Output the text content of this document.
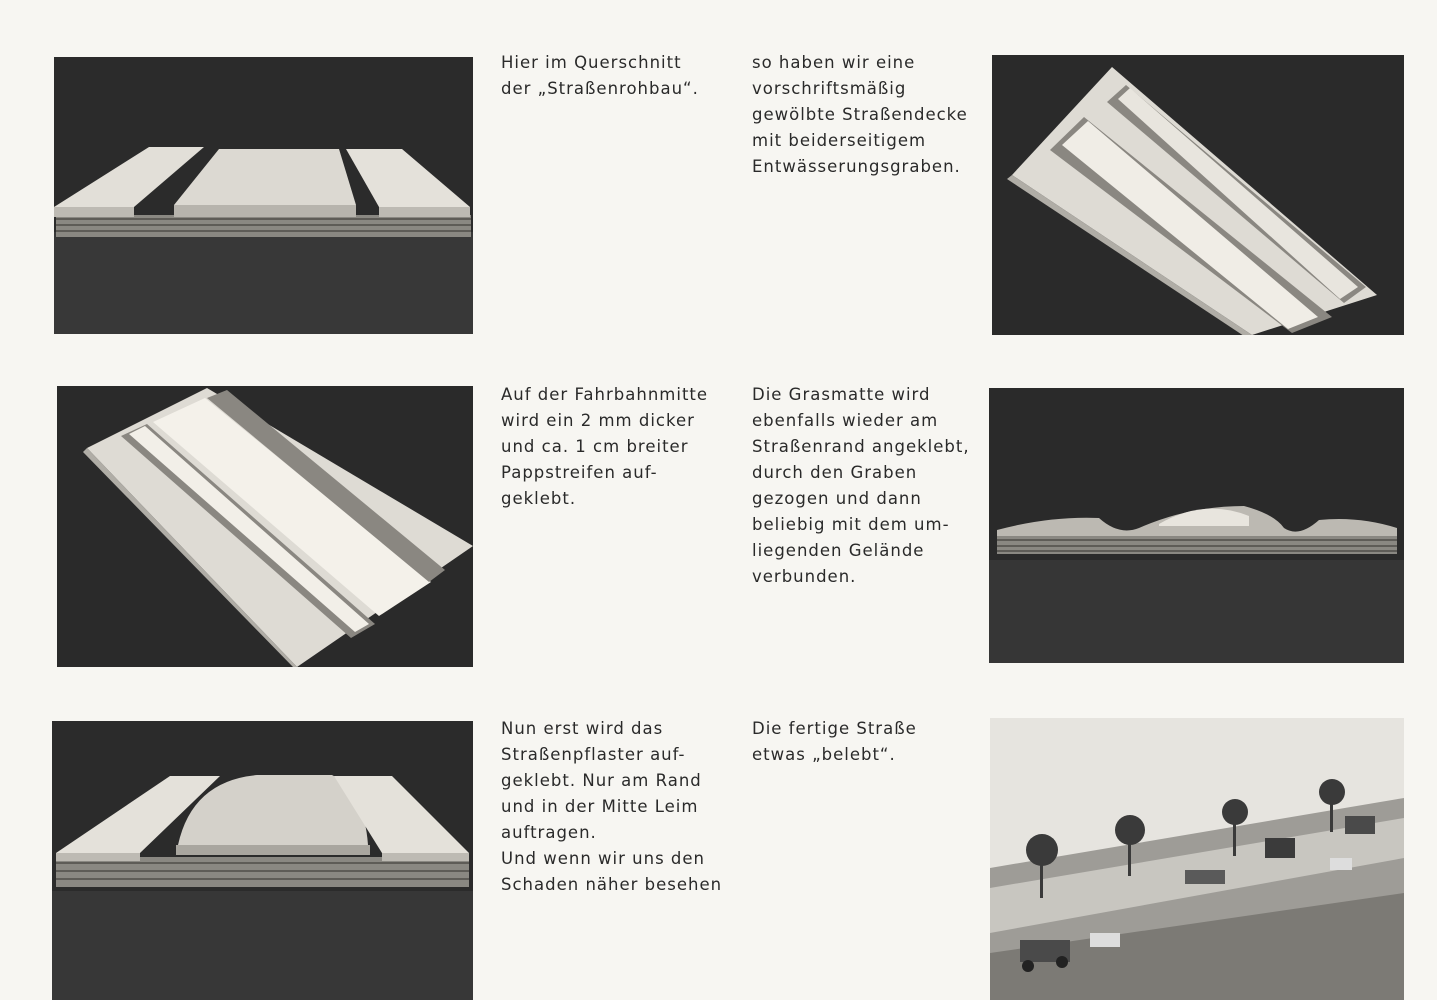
Hier im Querschnitt
der „Straßenrohbau“.
so haben wir eine
vorschriftsmäßig
gewölbte Straßendecke
mit beiderseitigem
Entwässerungsgraben.
Auf der Fahrbahnmitte
wird ein 2 mm dicker
und ca. 1 cm breiter
Pappstreifen auf-
geklebt.
Die Grasmatte wird
ebenfalls wieder am
Straßenrand angeklebt,
durch den Graben
gezogen und dann
beliebig mit dem um-
liegenden Gelände
verbunden.
Nun erst wird das
Straßenpflaster auf-
geklebt. Nur am Rand
und in der Mitte Leim
auftragen.
Und wenn wir uns den
Schaden näher besehen
Die fertige Straße
etwas „belebt“.
